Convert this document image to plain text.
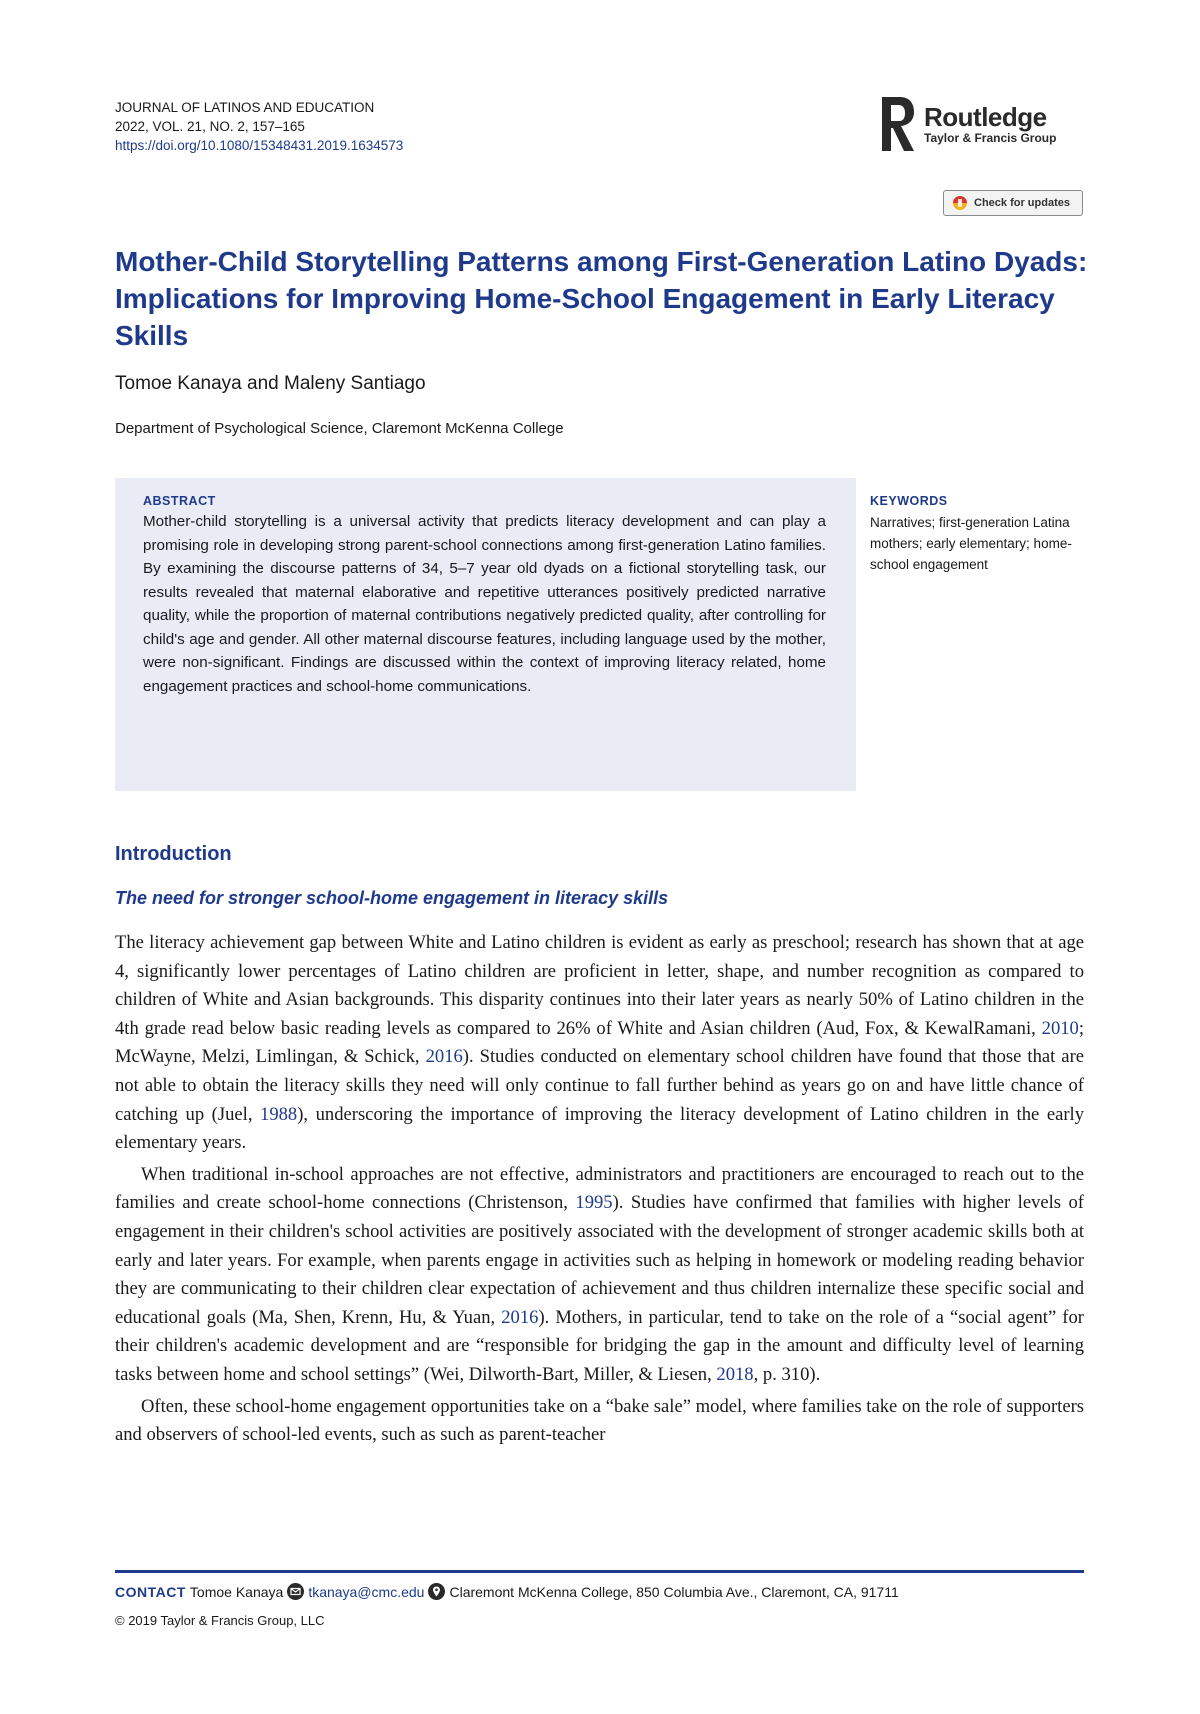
JOURNAL OF LATINOS AND EDUCATION
2022, VOL. 21, NO. 2, 157–165
https://doi.org/10.1080/15348431.2019.1634573
Routledge
Taylor & Francis Group
Check for updates
Mother-Child Storytelling Patterns among First-Generation Latino Dyads: Implications for Improving Home-School Engagement in Early Literacy Skills
Tomoe Kanaya and Maleny Santiago
Department of Psychological Science, Claremont McKenna College
ABSTRACT

Mother-child storytelling is a universal activity that predicts literacy development and can play a promising role in developing strong parent-school connections among first-generation Latino families. By examining the discourse patterns of 34, 5–7 year old dyads on a fictional storytelling task, our results revealed that maternal elaborative and repetitive utterances positively predicted narrative quality, while the proportion of maternal contributions negatively predicted quality, after controlling for child's age and gender. All other maternal discourse features, including language used by the mother, were non-significant. Findings are discussed within the context of improving literacy related, home engagement practices and school-home communications.

KEYWORDS

Narratives; first-generation Latina mothers; early elementary; home-school engagement

Introduction
The need for stronger school-home engagement in literacy skills

The literacy achievement gap between White and Latino children is evident as early as preschool; research has shown that at age 4, significantly lower percentages of Latino children are proficient in letter, shape, and number recognition as compared to children of White and Asian backgrounds. This disparity continues into their later years as nearly 50% of Latino children in the 4th grade read below basic reading levels as compared to 26% of White and Asian children (Aud, Fox, & KewalRamani, 2010; McWayne, Melzi, Limlingan, & Schick, 2016). Studies conducted on elementary school children have found that those that are not able to obtain the literacy skills they need will only continue to fall further behind as years go on and have little chance of catching up (Juel, 1988), underscoring the importance of improving the literacy development of Latino children in the early elementary years.

When traditional in-school approaches are not effective, administrators and practitioners are encouraged to reach out to the families and create school-home connections (Christenson, 1995). Studies have confirmed that families with higher levels of engagement in their children's school activities are positively associated with the development of stronger academic skills both at early and later years. For example, when parents engage in activities such as helping in homework or modeling reading behavior they are communicating to their children clear expectation of achievement and thus children internalize these specific social and educational goals (Ma, Shen, Krenn, Hu, & Yuan, 2016). Mothers, in particular, tend to take on the role of a “social agent” for their children's academic development and are “responsible for bridging the gap in the amount and difficulty level of learning tasks between home and school settings” (Wei, Dilworth-Bart, Miller, & Liesen, 2018, p. 310).

Often, these school-home engagement opportunities take on a “bake sale” model, where families take on the role of supporters and observers of school-led events, such as such as parent-teacher

CONTACT Tomoe Kanaya tkanaya@cmc.edu Claremont McKenna College, 850 Columbia Ave., Claremont, CA, 91711
© 2019 Taylor & Francis Group, LLC
